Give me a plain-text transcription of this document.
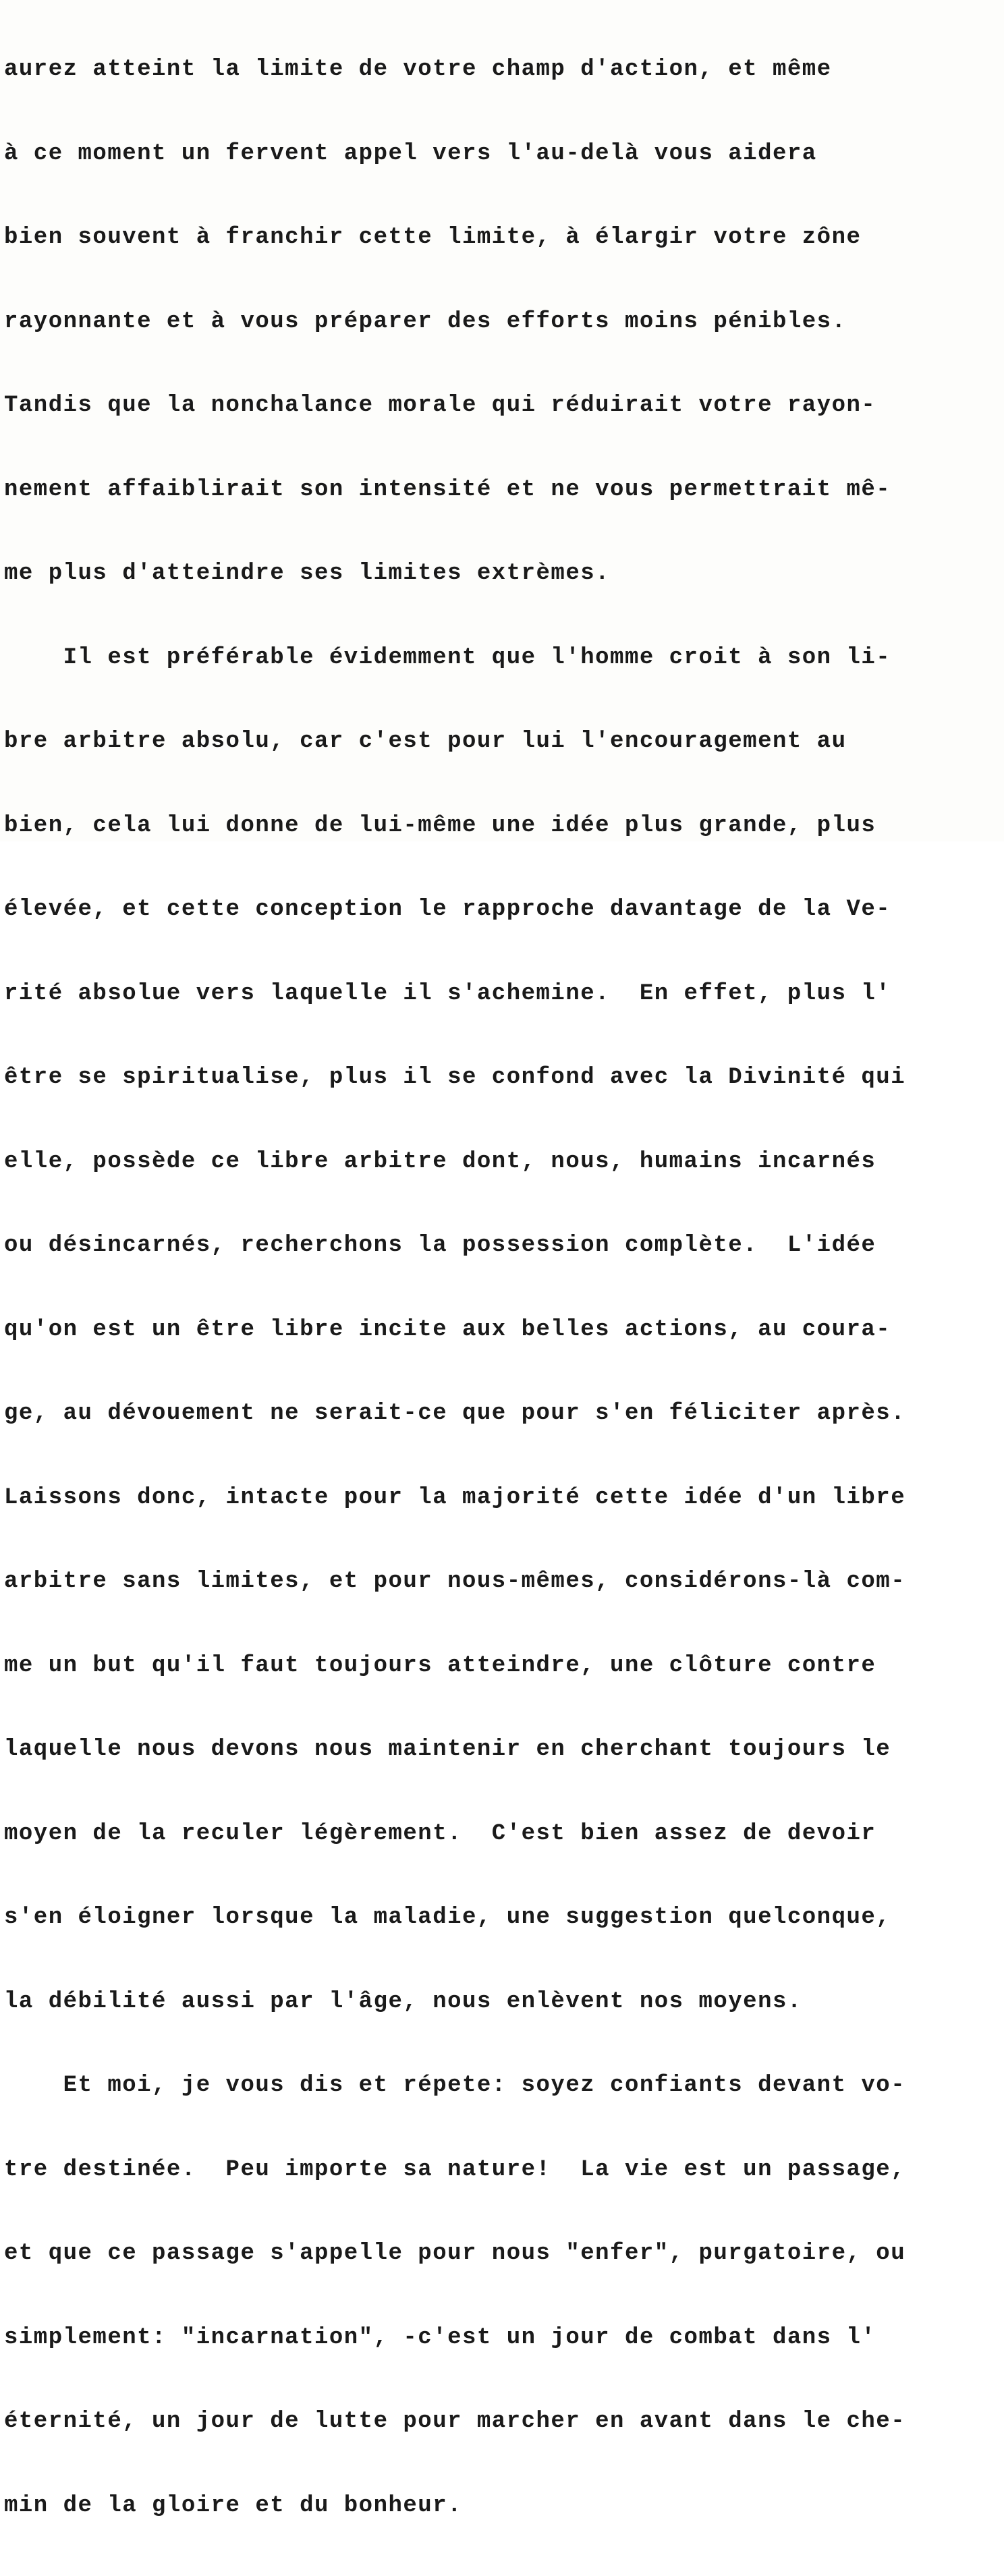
aurez atteint la limite de votre champ d'action, et même

à ce moment un fervent appel vers l'au-delà vous aidera

bien souvent à franchir cette limite, à élargir votre zône

rayonnante et à vous préparer des efforts moins pénibles.

Tandis que la nonchalance morale qui réduirait votre rayon-

nement affaiblirait son intensité et ne vous permettrait mê-

me plus d'atteindre ses limites extrèmes.

Il est préférable évidemment que l'homme croit à son li-

bre arbitre absolu, car c'est pour lui l'encouragement au

bien, cela lui donne de lui-même une idée plus grande, plus

élevée, et cette conception le rapproche davantage de la Ve-

rité absolue vers laquelle il s'achemine.  En effet, plus l'

être se spiritualise, plus il se confond avec la Divinité qui

elle, possède ce libre arbitre dont, nous, humains incarnés

ou désincarnés, recherchons la possession complète.  L'idée

qu'on est un être libre incite aux belles actions, au coura-

ge, au dévouement ne serait-ce que pour s'en féliciter après.

Laissons donc, intacte pour la majorité cette idée d'un libre

arbitre sans limites, et pour nous-mêmes, considérons-là com-

me un but qu'il faut toujours atteindre, une clôture contre

laquelle nous devons nous maintenir en cherchant toujours le

moyen de la reculer légèrement.  C'est bien assez de devoir

s'en éloigner lorsque la maladie, une suggestion quelconque,

la débilité aussi par l'âge, nous enlèvent nos moyens.

Et moi, je vous dis et répete: soyez confiants devant vo-

tre destinée.  Peu importe sa nature!  La vie est un passage,

et que ce passage s'appelle pour nous "enfer", purgatoire, ou

simplement: "incarnation", -c'est un jour de combat dans l'

éternité, un jour de lutte pour marcher en avant dans le che-

min de la gloire et du bonheur.
